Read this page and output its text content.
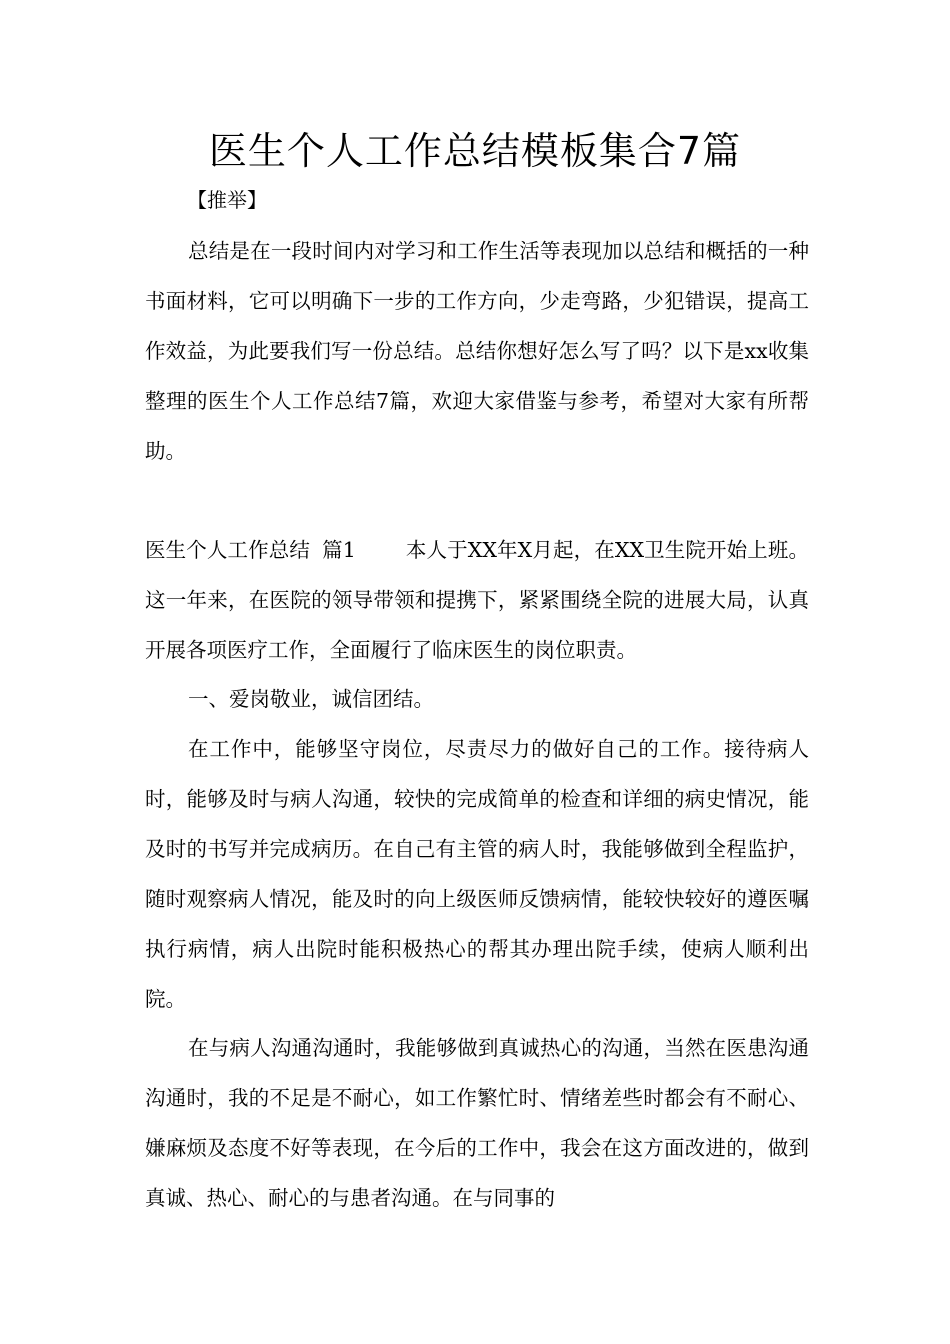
医生个人工作总结模板集合7篇
【推举】

总结是在一段时间内对学习和工作生活等表现加以总结和概括的一种书面材料，它可以明确下一步的工作方向，少走弯路，少犯错误，提高工作效益，为此要我们写一份总结。总结你想好怎么写了吗？以下是xx收集整理的医生个人工作总结7篇，欢迎大家借鉴与参考，希望对大家有所帮助。

医生个人工作总结 篇1 本人于XX年X月起，在XX卫生院开始上班。这一年来，在医院的领导带领和提携下，紧紧围绕全院的进展大局，认真开展各项医疗工作，全面履行了临床医生的岗位职责。

一、爱岗敬业，诚信团结。

在工作中，能够坚守岗位，尽责尽力的做好自己的工作。接待病人时，能够及时与病人沟通，较快的完成简单的检查和详细的病史情况，能及时的书写并完成病历。在自己有主管的病人时，我能够做到全程监护，随时观察病人情况，能及时的向上级医师反馈病情，能较快较好的遵医嘱执行病情，病人出院时能积极热心的帮其办理出院手续，使病人顺利出院。

在与病人沟通沟通时，我能够做到真诚热心的沟通，当然在医患沟通沟通时，我的不足是不耐心，如工作繁忙时、情绪差些时都会有不耐心、嫌麻烦及态度不好等表现，在今后的工作中，我会在这方面改进的，做到真诚、热心、耐心的与患者沟通。在与同事的
